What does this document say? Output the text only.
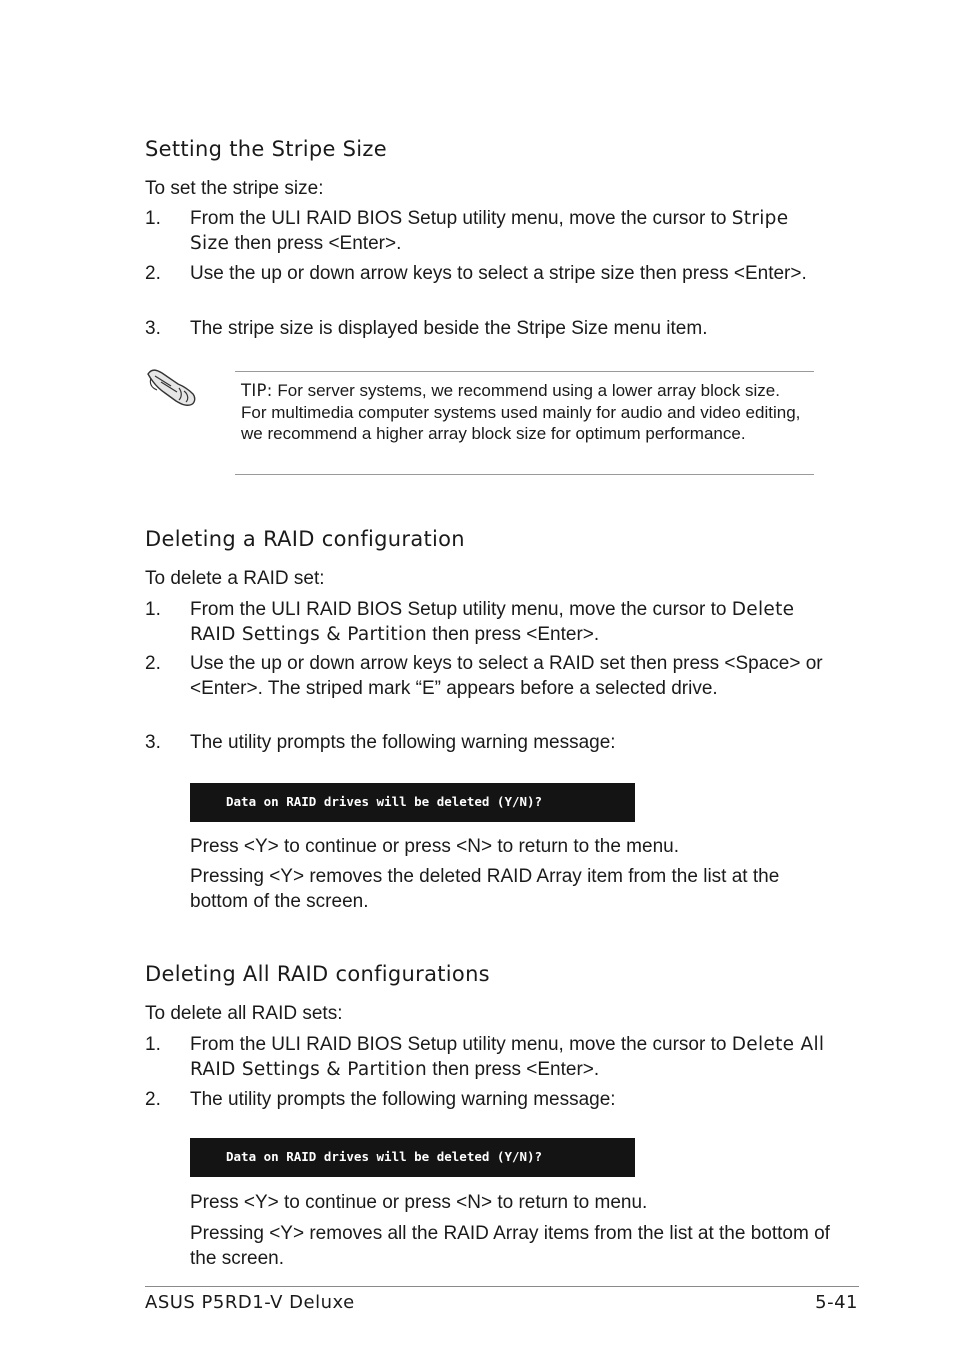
Setting the Stripe Size
To set the stripe size:
1.	From the ULI RAID BIOS Setup utility menu, move the cursor to Stripe Size then press <Enter>.
2.	Use the up or down arrow keys to select a stripe size then press <Enter>.
3.	The stripe size is displayed beside the Stripe Size menu item.
TIP: For server systems, we recommend using a lower array block size. For multimedia computer systems used mainly for audio and video editing, we recommend a higher array block size for optimum performance.
Deleting a RAID configuration
To delete a RAID set:
1.	From the ULI RAID BIOS Setup utility menu, move the cursor to Delete RAID Settings & Partition then press <Enter>.
2.	Use the up or down arrow keys to select a RAID set then press <Space> or <Enter>. The striped mark “E” appears before a selected drive.
3.	The utility prompts the following warning message:
Data on RAID drives will be deleted (Y/N)?
Press <Y> to continue or press <N> to return to the menu.
Pressing <Y> removes the deleted RAID Array item from the list at the bottom of the screen.
Deleting All RAID configurations
To delete all RAID sets:
1.	From the ULI RAID BIOS Setup utility menu, move the cursor to Delete All RAID Settings & Partition then press <Enter>.
2.	The utility prompts the following warning message:
Data on RAID drives will be deleted (Y/N)?
Press <Y> to continue or press <N> to return to menu.
Pressing <Y> removes all the RAID Array items from the list at the bottom of the screen.
ASUS P5RD1-V Deluxe	5-41
